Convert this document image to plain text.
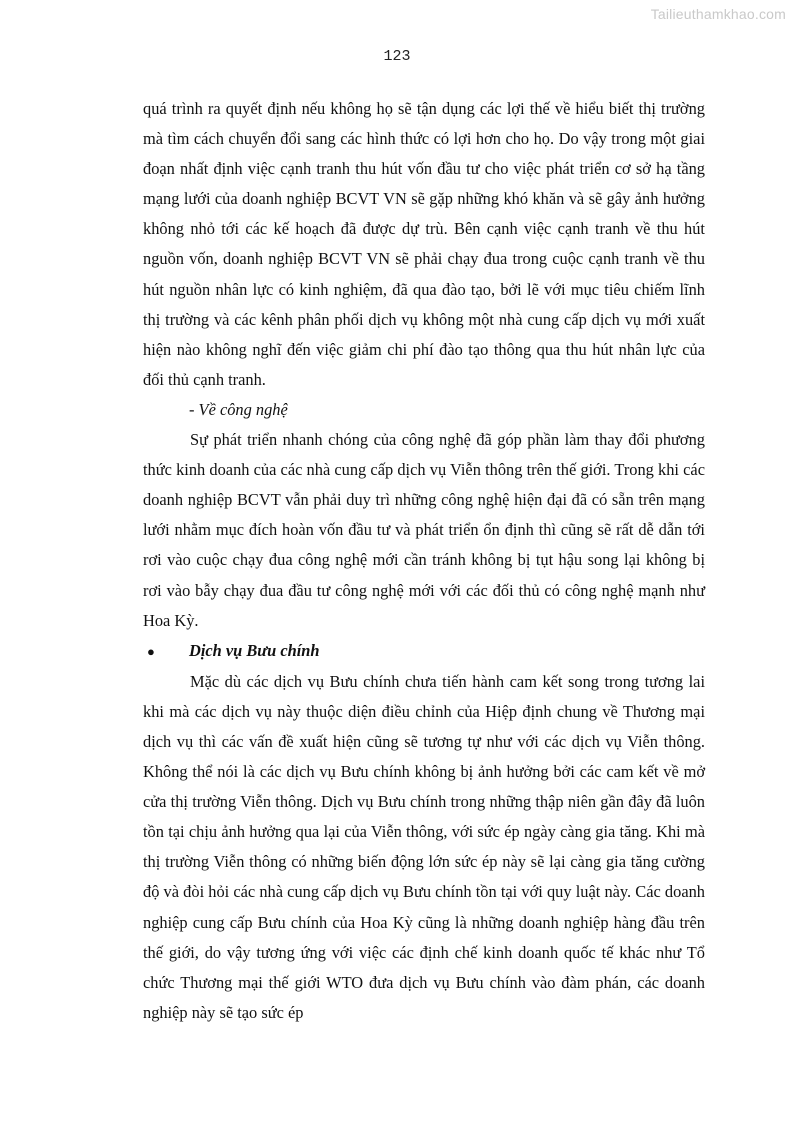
Tailieuthamkhao.com
123

quá trình ra quyết định nếu không họ sẽ tận dụng các lợi thế về hiểu biết thị trường mà tìm cách chuyển đổi sang các hình thức có lợi hơn cho họ. Do vậy trong một giai đoạn nhất định việc cạnh tranh thu hút vốn đầu tư cho việc phát triển cơ sở hạ tầng mạng lưới của doanh nghiệp BCVT VN sẽ gặp những khó khăn và sẽ gây ảnh hưởng không nhỏ tới các kế hoạch đã được dự trù. Bên cạnh việc cạnh tranh về thu hút nguồn vốn, doanh nghiệp BCVT VN sẽ phải chạy đua trong cuộc cạnh tranh về thu hút nguồn nhân lực có kinh nghiệm, đã qua đào tạo, bởi lẽ với mục tiêu chiếm lĩnh thị trường và các kênh phân phối dịch vụ không một nhà cung cấp dịch vụ mới xuất hiện nào không nghĩ đến việc giảm chi phí đào tạo thông qua thu hút nhân lực của đối thủ cạnh tranh.

- Về công nghệ

Sự phát triển nhanh chóng của công nghệ đã góp phần làm thay đổi phương thức kinh doanh của các nhà cung cấp dịch vụ Viễn thông trên thế giới. Trong khi các doanh nghiệp BCVT vẫn phải duy trì những công nghệ hiện đại đã có sẵn trên mạng lưới nhằm mục đích hoàn vốn đầu tư và phát triển ổn định thì cũng sẽ rất dễ dẫn tới rơi vào cuộc chạy đua công nghệ mới cần tránh không bị tụt hậu song lại không bị rơi vào bẫy chạy đua đầu tư công nghệ mới với các đối thủ có công nghệ mạnh như Hoa Kỳ.

●	Dịch vụ Bưu chính

Mặc dù các dịch vụ Bưu chính chưa tiến hành cam kết song trong tương lai khi mà các dịch vụ này thuộc diện điều chỉnh của Hiệp định chung về Thương mại dịch vụ thì các vấn đề xuất hiện cũng sẽ tương tự như với các dịch vụ Viễn thông. Không thể nói là các dịch vụ Bưu chính không bị ảnh hưởng bởi các cam kết về mở cửa thị trường Viễn thông. Dịch vụ Bưu chính trong những thập niên gần đây đã luôn tồn tại chịu ảnh hưởng qua lại của Viễn thông, với sức ép ngày càng gia tăng. Khi mà thị trường Viễn thông có những biến động lớn sức ép này sẽ lại càng gia tăng cường độ và đòi hỏi các nhà cung cấp dịch vụ Bưu chính tồn tại với quy luật này. Các doanh nghiệp cung cấp Bưu chính của Hoa Kỳ cũng là những doanh nghiệp hàng đầu trên thế giới, do vậy tương ứng với việc các định chế kinh doanh quốc tế khác như Tổ chức Thương mại thế giới WTO đưa dịch vụ Bưu chính vào đàm phán, các doanh nghiệp này sẽ tạo sức ép
